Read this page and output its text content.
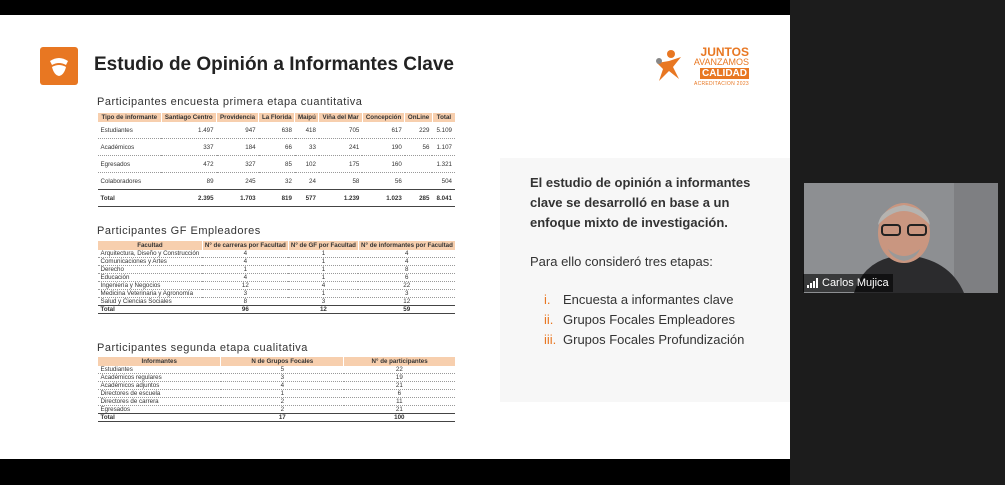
Estudio de Opinión a Informantes Clave
JUNTOS
AVANZAMOS
CALIDAD
ACREDITACION 2023
Participantes encuesta primera etapa cuantitativa
Tipo de informante	Santiago Centro	Providencia	La Florida	Maipú	Viña del Mar	Concepción	OnLine	Total
Estudiantes	1.497	947	638	418	705	617	229	5.109
Académicos	337	184	66	33	241	190	56	1.107
Egresados	472	327	85	102	175	160		1.321
Colaboradores	89	245	32	24	58	56		504
Total	2.395	1.703	819	577	1.239	1.023	285	8.041
Participantes GF Empleadores
Facultad	N° de carreras por Facultad	N° de GF por Facultad	N° de informantes por Facultad
Arquitectura, Diseño y Construcción	4	1	4
Comunicaciones y Artes	4	1	4
Derecho	1	1	8
Educación	4	1	6
Ingeniería y Negocios	12	4	22
Medicina Veterinaria y Agronomía	3	1	3
Salud y Ciencias Sociales	8	3	12
Total	96	12	59
Participantes segunda etapa cualitativa
Informantes	N de Grupos Focales	N° de participantes
Estudiantes	5	22
Académicos regulares	3	19
Académicos adjuntos	4	21
Directores de escuela	1	6
Directores de carrera	2	11
Egresados	2	21
Total	17	100
El estudio de opinión a informantes clave se desarrolló en base a un enfoque mixto de investigación.
Para ello consideró tres etapas:
i. Encuesta a informantes clave
ii. Grupos Focales Empleadores
iii. Grupos Focales Profundización
Carlos Mujica
